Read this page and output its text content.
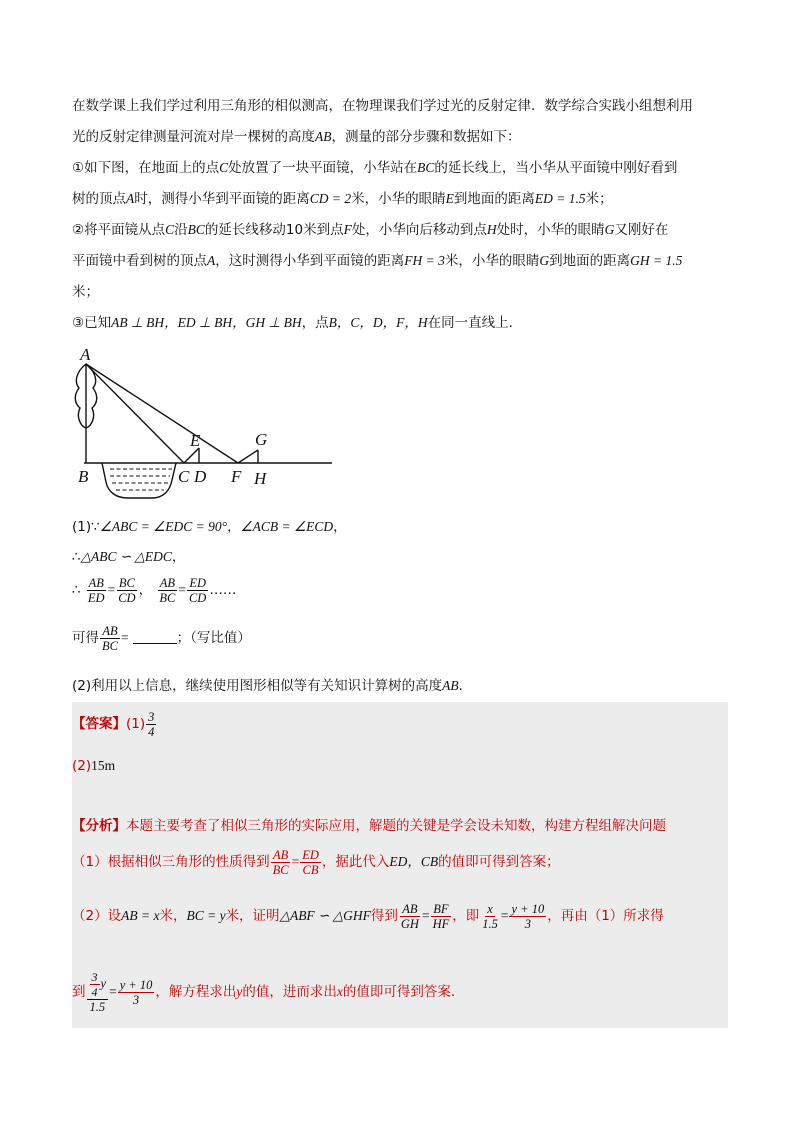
在数学课上我们学过利用三角形的相似测高，在物理课我们学过光的反射定律．数学综合实践小组想利用
光的反射定律测量河流对岸一棵树的高度AB，测量的部分步骤和数据如下：
①如下图，在地面上的点C处放置了一块平面镜，小华站在BC的延长线上，当小华从平面镜中刚好看到
树的顶点A时，测得小华到平面镜的距离CD = 2米，小华的眼睛E到地面的距离ED = 1.5米；
②将平面镜从点C沿BC的延长线移动10米到点F处，小华向后移动到点H处时，小华的眼睛G又刚好在
平面镜中看到树的顶点A，这时测得小华到平面镜的距离FH = 3米，小华的眼睛G到地面的距离GH = 1.5
米；
③已知AB ⊥ BH，ED ⊥ BH，GH ⊥ BH，点B，C，D，F，H在同一直线上．
A
E	G
B	C D F H
(1)∵∠ABC = ∠EDC = 90°，∠ACB = ∠ECD，
∴△ABC ∽ △EDC，
∴ $\frac{AB}{ED} = \frac{BC}{CD}$ ， $\frac{AB}{BC} = \frac{ED}{CD}$ ……
可得 $\frac{AB}{BC}$ =	；（写比值）
(2)利用以上信息，继续使用图形相似等有关知识计算树的高度AB．
【答案】$(1) \frac{3}{4}$
(2)15m
【分析】本题主要考查了相似三角形的实际应用，解题的关键是学会设未知数，构建方程组解决问题
（1）根据相似三角形的性质得到 $\frac{AB}{BC} = \frac{ED}{CB}$ ，据此代入ED，CB的值即可得到答案；
（2）设AB = x米，BC = y米，证明△ABF ∽ △GHF得到 $\frac{AB}{GH} = \frac{BF}{HF}$ ，即 $\frac{x}{1.5} = \frac{y + 10}{3}$ ，再由（1）所求得
到 $\frac{\frac{3}{4} y}{1.5} = \frac{y + 10}{3}$ ，解方程求出y的值，进而求出x的值即可得到答案．
